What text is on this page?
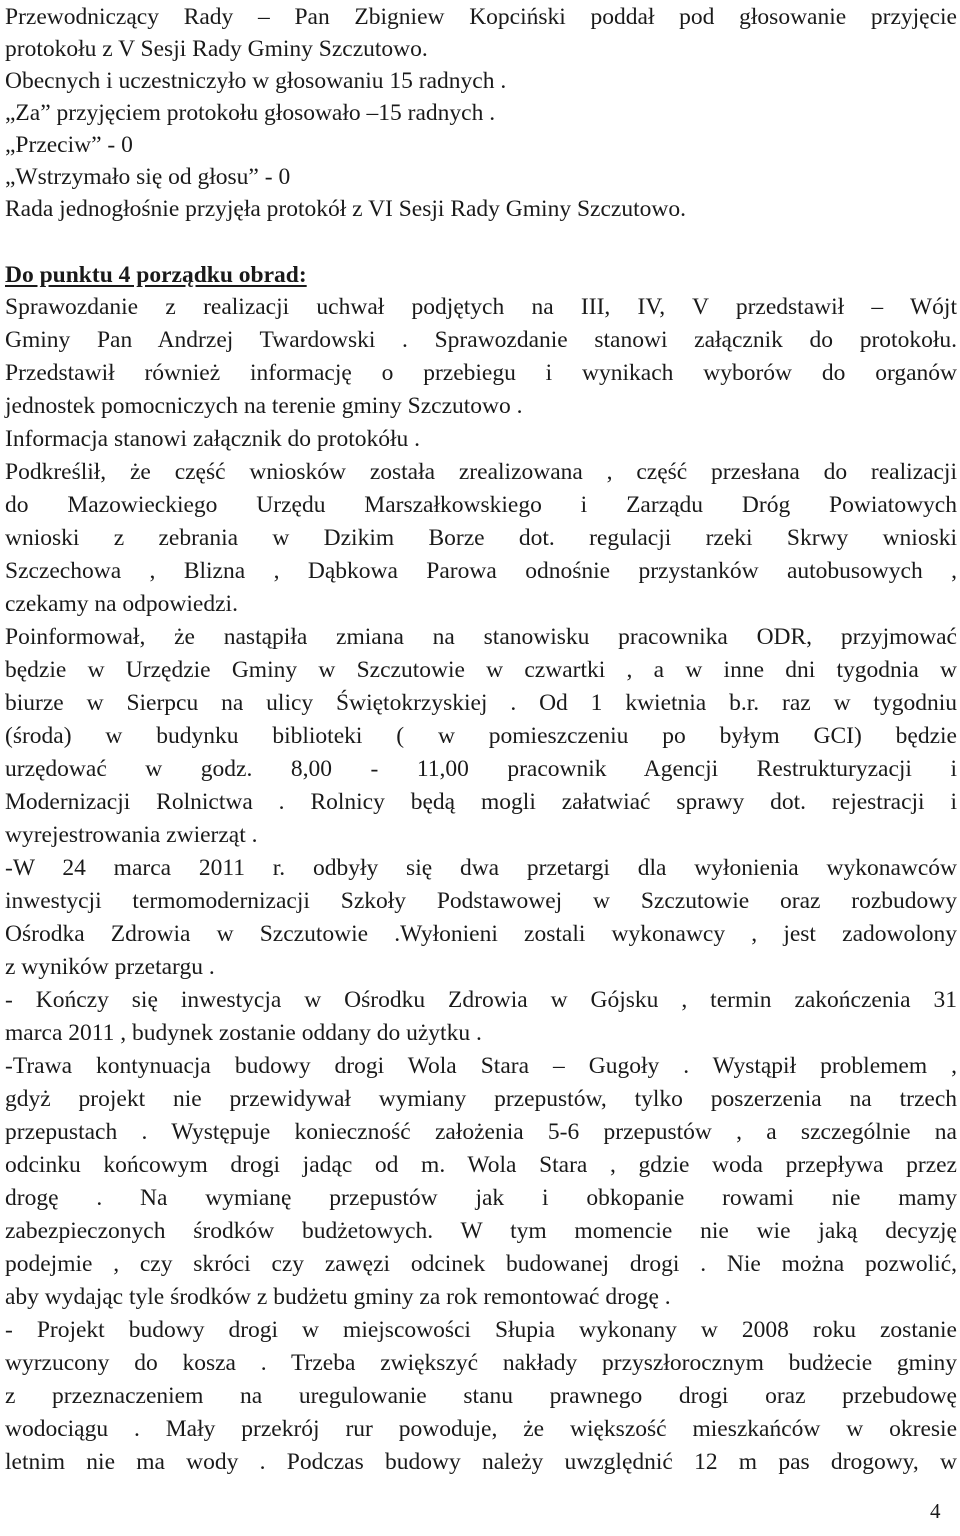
Przewodniczący Rady – Pan Zbigniew Kopciński poddał pod głosowanie przyjęcie
protokołu z V Sesji Rady Gminy Szczutowo.
Obecnych i uczestniczyło w głosowaniu 15 radnych .
„Za” przyjęciem protokołu głosowało –15 radnych .
„Przeciw” - 0
„Wstrzymało się od głosu” - 0
Rada jednogłośnie przyjęła protokół z VI Sesji Rady Gminy Szczutowo.
Do punktu 4 porządku obrad:
Sprawozdanie z realizacji uchwał podjętych na III, IV, V przedstawił – Wójt
Gminy Pan Andrzej Twardowski . Sprawozdanie stanowi załącznik do protokołu.
Przedstawił również informację o przebiegu i wynikach wyborów do organów
jednostek pomocniczych na terenie gminy Szczutowo .
Informacja stanowi załącznik do protokółu .
Podkreślił, że część wniosków została zrealizowana , część przesłana do realizacji
do Mazowieckiego Urzędu Marszałkowskiego i Zarządu Dróg Powiatowych
wnioski z zebrania w Dzikim Borze dot. regulacji rzeki Skrwy wnioski
Szczechowa , Blizna , Dąbkowa Parowa odnośnie przystanków autobusowych ,
czekamy na odpowiedzi.
Poinformował, że nastąpiła zmiana na stanowisku pracownika ODR, przyjmować
będzie w Urzędzie Gminy w Szczutowie w czwartki , a w inne dni tygodnia w
biurze w Sierpcu na ulicy Świętokrzyskiej . Od 1 kwietnia b.r. raz w tygodniu
(środa) w budynku biblioteki ( w pomieszczeniu po byłym GCI) będzie
urzędować w godz. 8,00 - 11,00 pracownik Agencji Restrukturyzacji i
Modernizacji Rolnictwa . Rolnicy będą mogli załatwiać sprawy dot. rejestracji i
wyrejestrowania zwierząt .
-W 24 marca 2011 r. odbyły się dwa przetargi dla wyłonienia wykonawców
inwestycji termomodernizacji Szkoły Podstawowej w Szczutowie oraz rozbudowy
Ośrodka Zdrowia w Szczutowie .Wyłonieni zostali wykonawcy , jest zadowolony
z wyników przetargu .
- Kończy się inwestycja w Ośrodku Zdrowia w Gójsku , termin zakończenia 31
marca 2011 , budynek zostanie oddany do użytku .
-Trawa kontynuacja budowy drogi Wola Stara – Gugoły . Wystąpił problemem ,
gdyż projekt nie przewidywał wymiany przepustów, tylko poszerzenia na trzech
przepustach . Występuje konieczność założenia 5-6 przepustów , a szczególnie na
odcinku końcowym drogi jadąc od m. Wola Stara , gdzie woda przepływa przez
drogę . Na wymianę przepustów jak i obkopanie rowami nie mamy
zabezpieczonych środków budżetowych. W tym momencie nie wie jaką decyzję
podejmie , czy skróci czy zawęzi odcinek budowanej drogi . Nie można pozwolić,
aby wydając tyle środków z budżetu gminy za rok remontować drogę .
- Projekt budowy drogi w miejscowości Słupia wykonany w 2008 roku zostanie
wyrzucony do kosza . Trzeba zwiększyć nakłady przyszłorocznym budżecie gminy
z przeznaczeniem na uregulowanie stanu prawnego drogi oraz przebudowę
wodociągu . Mały przekrój rur powoduje, że większość mieszkańców w okresie
letnim nie ma wody . Podczas budowy należy uwzględnić 12 m pas drogowy, w
4
